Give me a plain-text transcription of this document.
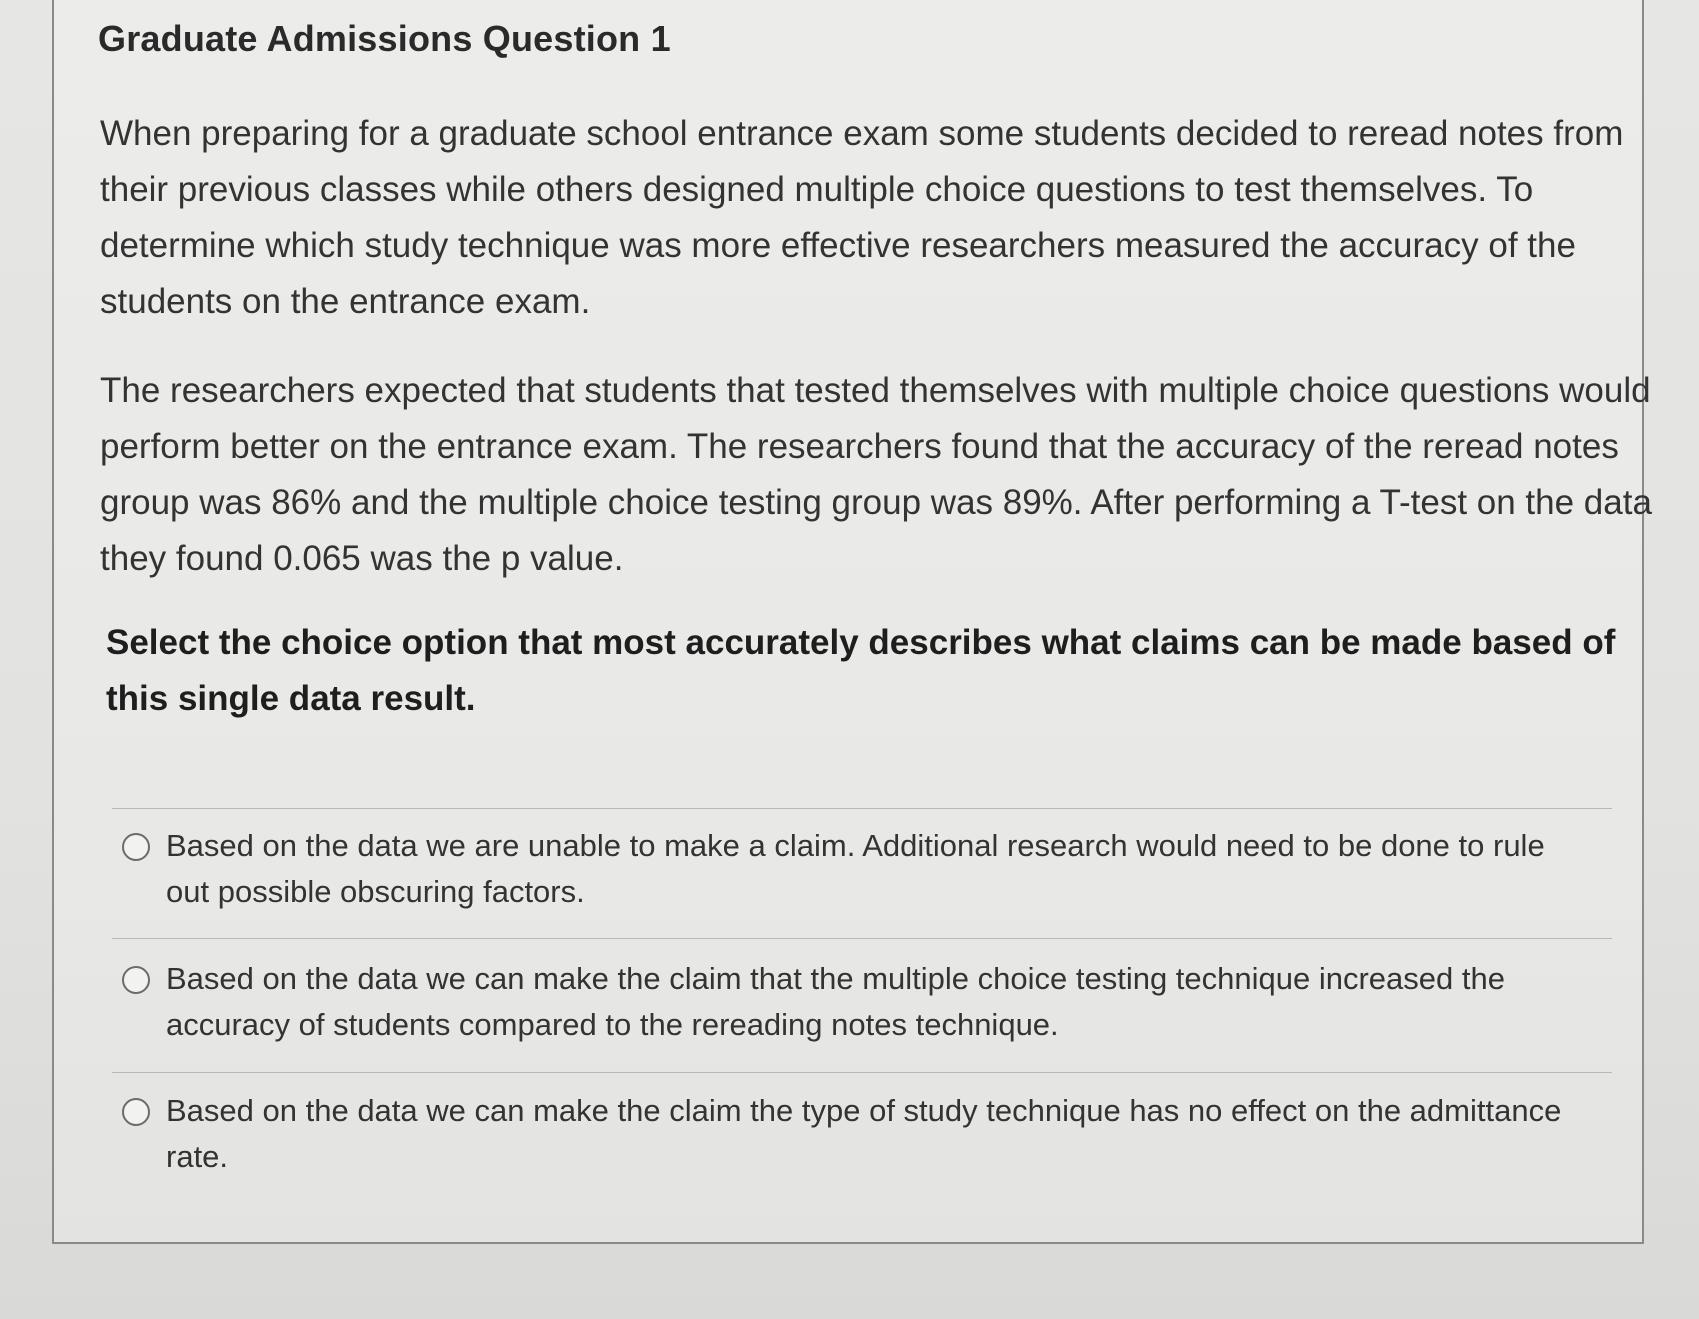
Graduate Admissions Question 1

When preparing for a graduate school entrance exam some students decided to reread notes from their previous classes while others designed multiple choice questions to test themselves. To determine which study technique was more effective researchers measured the accuracy of the students on the entrance exam.

The researchers expected that students that tested themselves with multiple choice questions would perform better on the entrance exam. The researchers found that the accuracy of the reread notes group was 86% and the multiple choice testing group was 89%. After performing a T-test on the data they found 0.065 was the p value.

Select the choice option that most accurately describes what claims can be made based of this single data result.

Based on the data we are unable to make a claim. Additional research would need to be done to rule out possible obscuring factors.
Based on the data we can make the claim that the multiple choice testing technique increased the accuracy of students compared to the rereading notes technique.
Based on the data we can make the claim the type of study technique has no effect on the admittance rate.
